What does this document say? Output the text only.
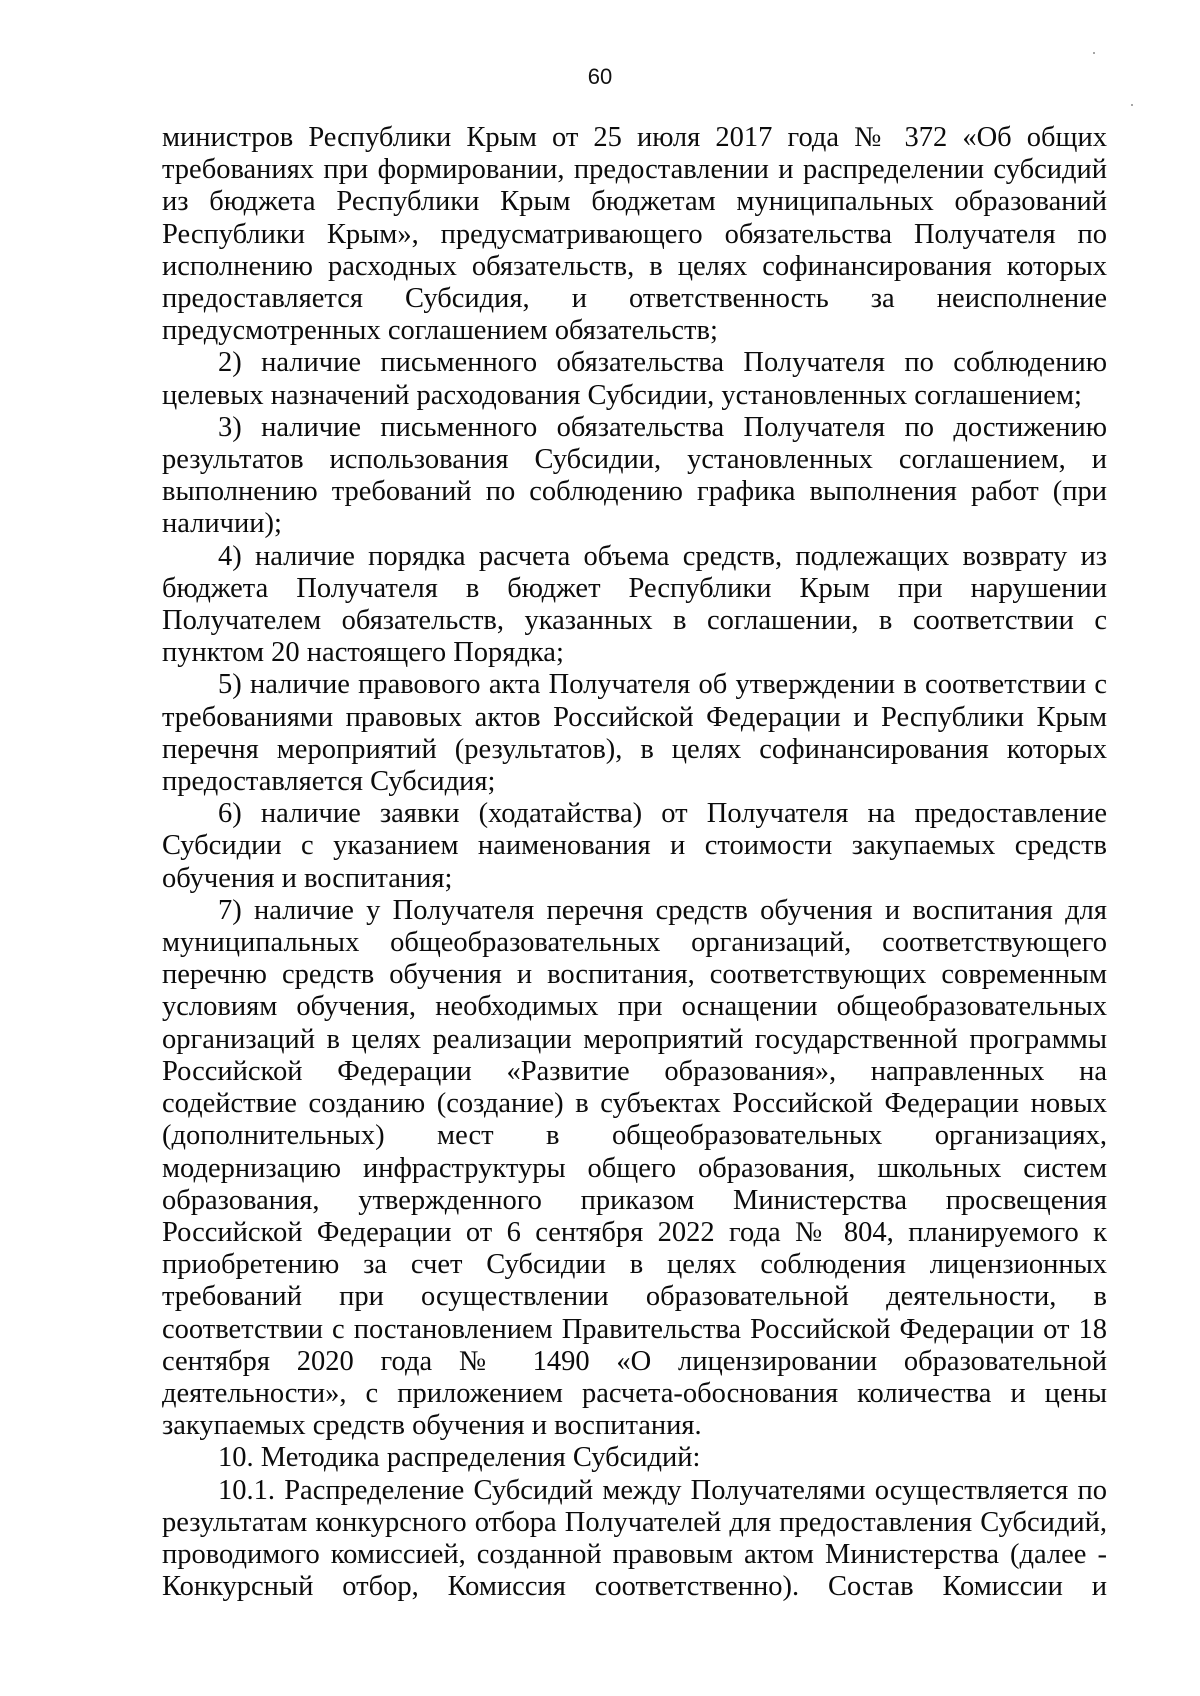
60

министров Республики Крым от 25 июля 2017 года № 372 «Об общих требованиях при формировании, предоставлении и распределении субсидий из бюджета Республики Крым бюджетам муниципальных образований Республики Крым», предусматривающего обязательства Получателя по исполнению расходных обязательств, в целях софинансирования которых предоставляется Субсидия, и ответственность за неисполнение предусмотренных соглашением обязательств;

2) наличие письменного обязательства Получателя по соблюдению целевых назначений расходования Субсидии, установленных соглашением;

3) наличие письменного обязательства Получателя по достижению результатов использования Субсидии, установленных соглашением, и выполнению требований по соблюдению графика выполнения работ (при наличии);

4) наличие порядка расчета объема средств, подлежащих возврату из бюджета Получателя в бюджет Республики Крым при нарушении Получателем обязательств, указанных в соглашении, в соответствии с пунктом 20 настоящего Порядка;

5) наличие правового акта Получателя об утверждении в соответствии с требованиями правовых актов Российской Федерации и Республики Крым перечня мероприятий (результатов), в целях софинансирования которых предоставляется Субсидия;

6) наличие заявки (ходатайства) от Получателя на предоставление Субсидии с указанием наименования и стоимости закупаемых средств обучения и воспитания;

7) наличие у Получателя перечня средств обучения и воспитания для муниципальных общеобразовательных организаций, соответствующего перечню средств обучения и воспитания, соответствующих современным условиям обучения, необходимых при оснащении общеобразовательных организаций в целях реализации мероприятий государственной программы Российской Федерации «Развитие образования», направленных на содействие созданию (создание) в субъектах Российской Федерации новых (дополнительных) мест в общеобразовательных организациях, модернизацию инфраструктуры общего образования, школьных систем образования, утвержденного приказом Министерства просвещения Российской Федерации от 6 сентября 2022 года № 804, планируемого к приобретению за счет Субсидии в целях соблюдения лицензионных требований при осуществлении образовательной деятельности, в соответствии с постановлением Правительства Российской Федерации от 18 сентября 2020 года № 1490 «О лицензировании образовательной деятельности», с приложением расчета-обоснования количества и цены закупаемых средств обучения и воспитания.

10. Методика распределения Субсидий:

10.1. Распределение Субсидий между Получателями осуществляется по результатам конкурсного отбора Получателей для предоставления Субсидий, проводимого комиссией, созданной правовым актом Министерства (далее - Конкурсный отбор, Комиссия соответственно). Состав Комиссии и
